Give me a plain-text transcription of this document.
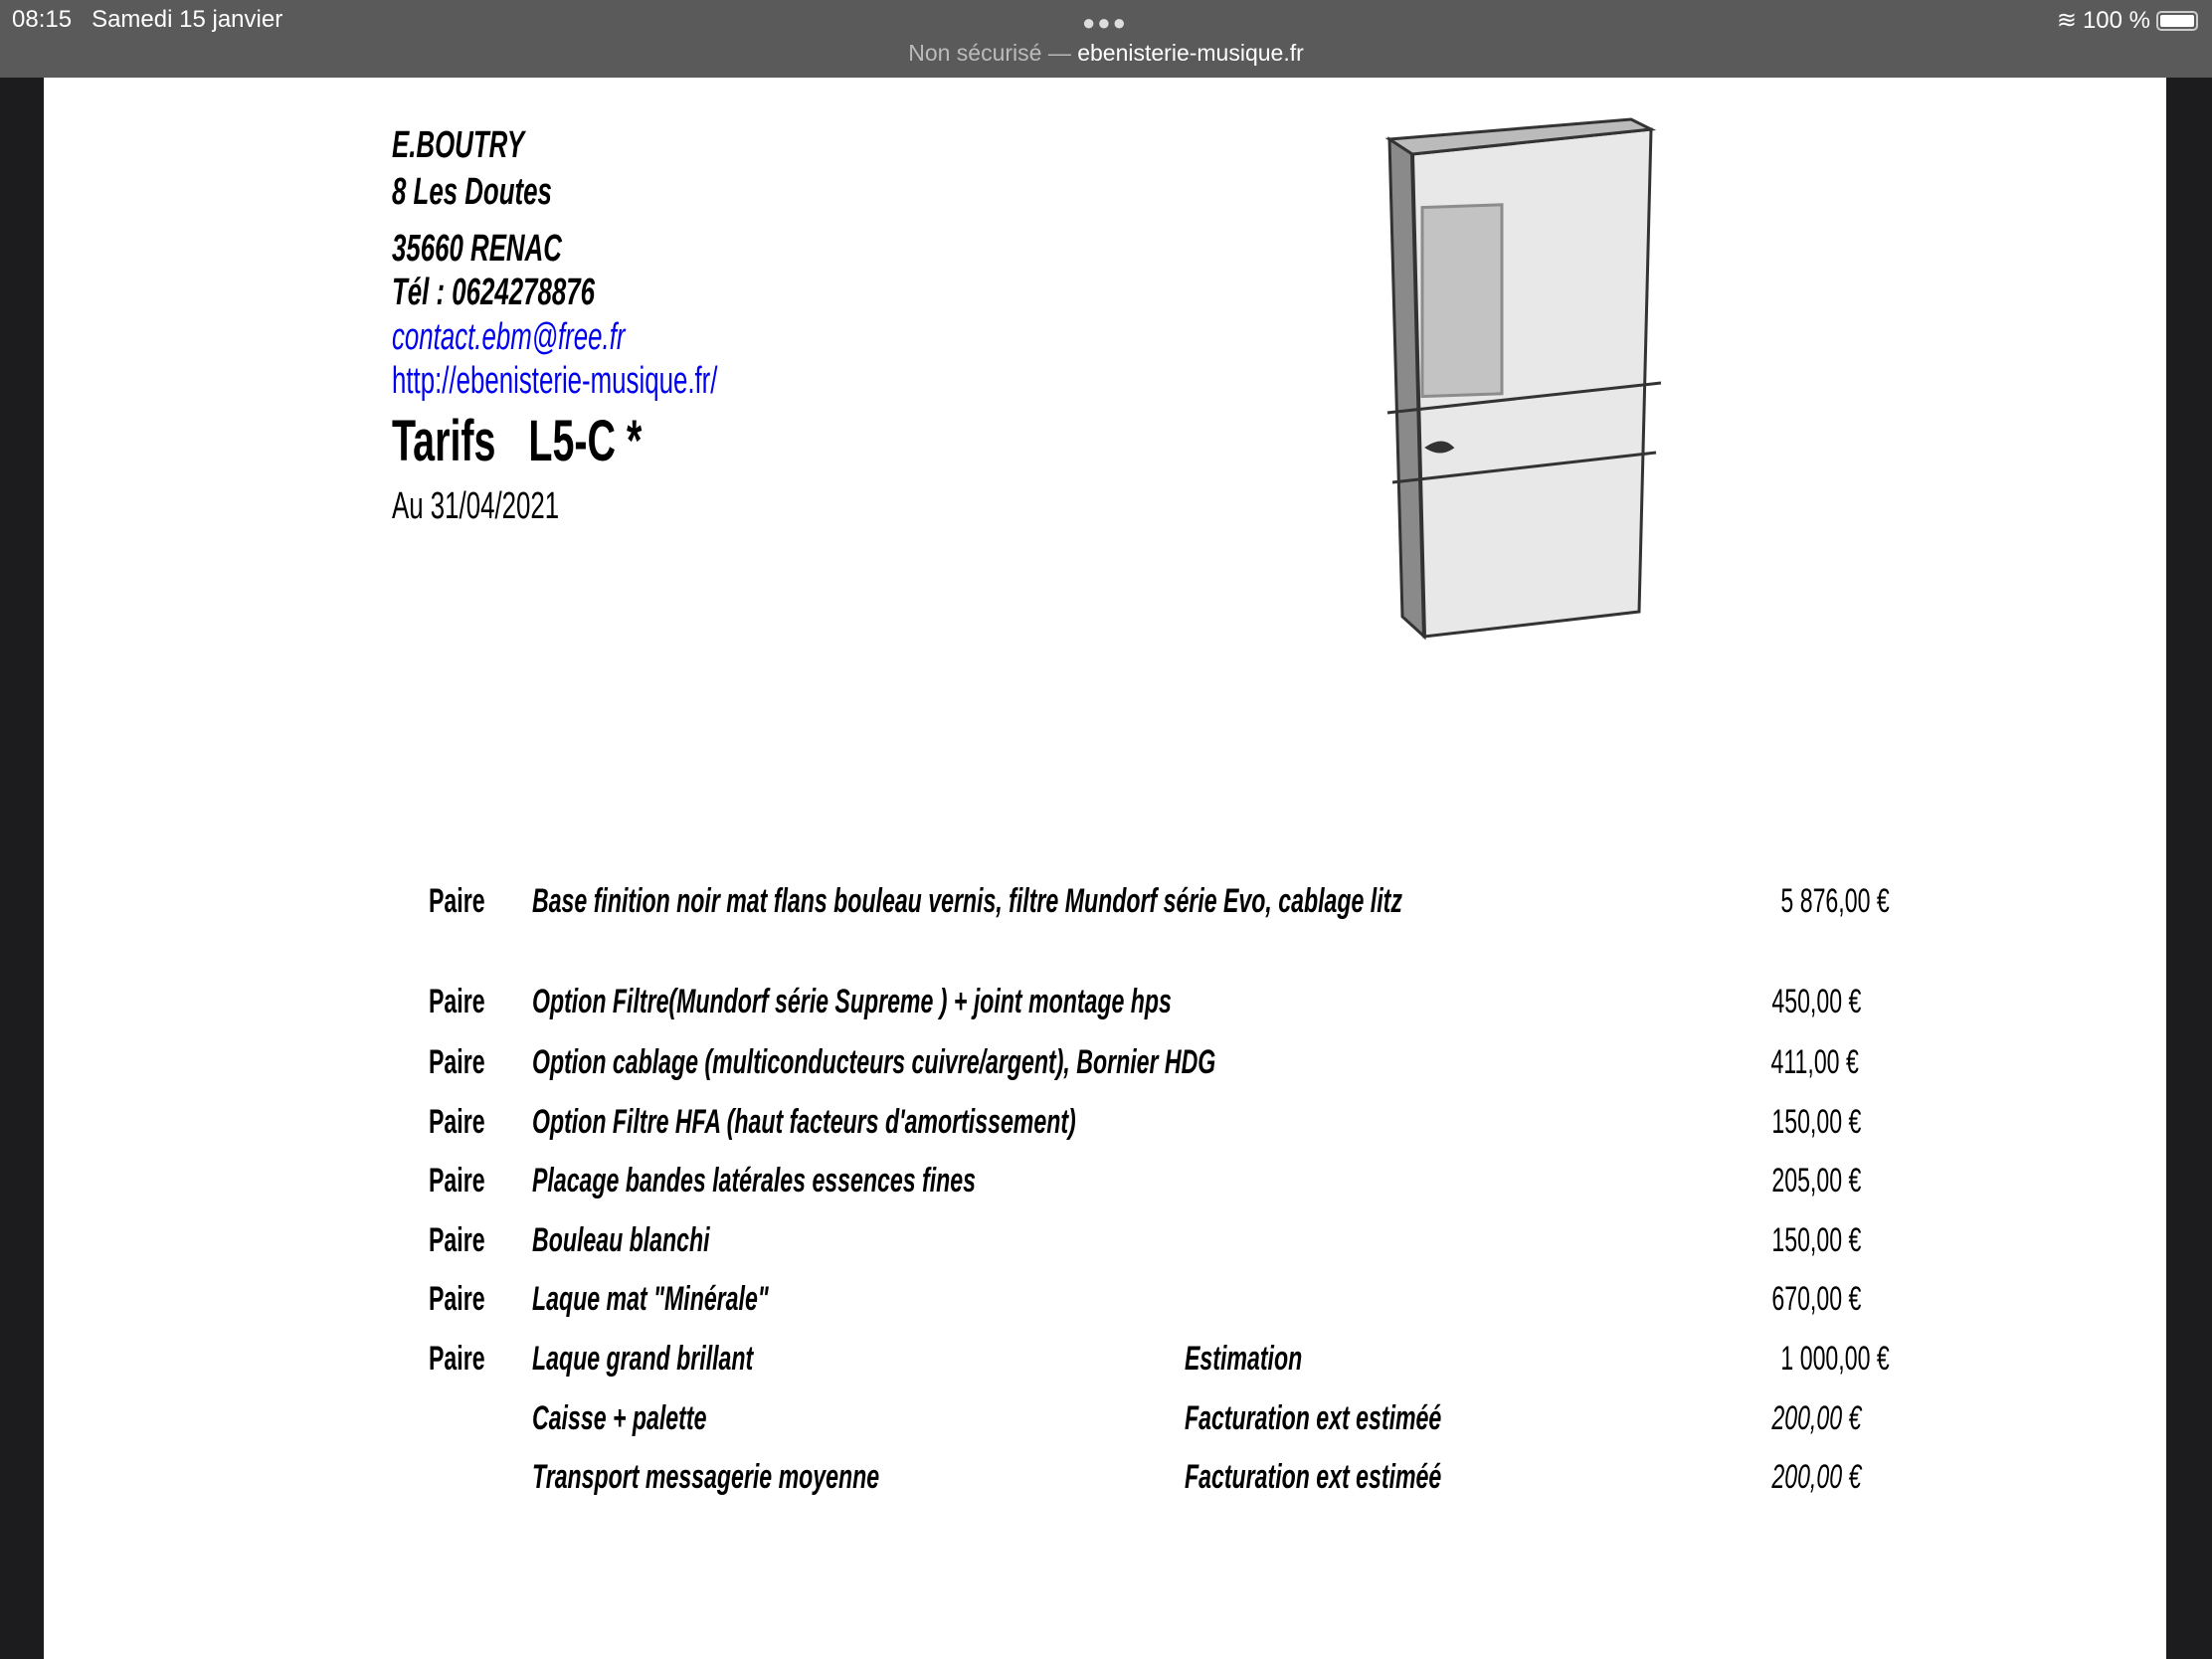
08:15 Samedi 15 janvier	●●●
Non sécurisé — ebenisterie-musique.fr
≋ 100 %
E.BOUTRY
8 Les Doutes
35660 RENAC
Tél : 0624278876
contact.ebm@free.fr
http://ebenisterie-musique.fr/
Tarifs   L5-C *
Au 31/04/2021
Paire Base finition noir mat flans bouleau vernis, filtre Mundorf série Evo, cablage litz	5 876,00 €
Paire Option Filtre(Mundorf série Supreme ) + joint montage hps	450,00 €
Paire Option cablage (multiconducteurs cuivre/argent), Bornier HDG	411,00 €
Paire Option Filtre HFA (haut facteurs d'amortissement)	150,00 €
Paire Placage bandes latérales essences fines	205,00 €
Paire Bouleau blanchi	150,00 €
Paire Laque mat "Minérale"	670,00 €
Paire Laque grand brillant	Estimation	1 000,00 €
Caisse + palette	Facturation ext estiméé	200,00 €
Transport messagerie moyenne	Facturation ext estiméé	200,00 €
